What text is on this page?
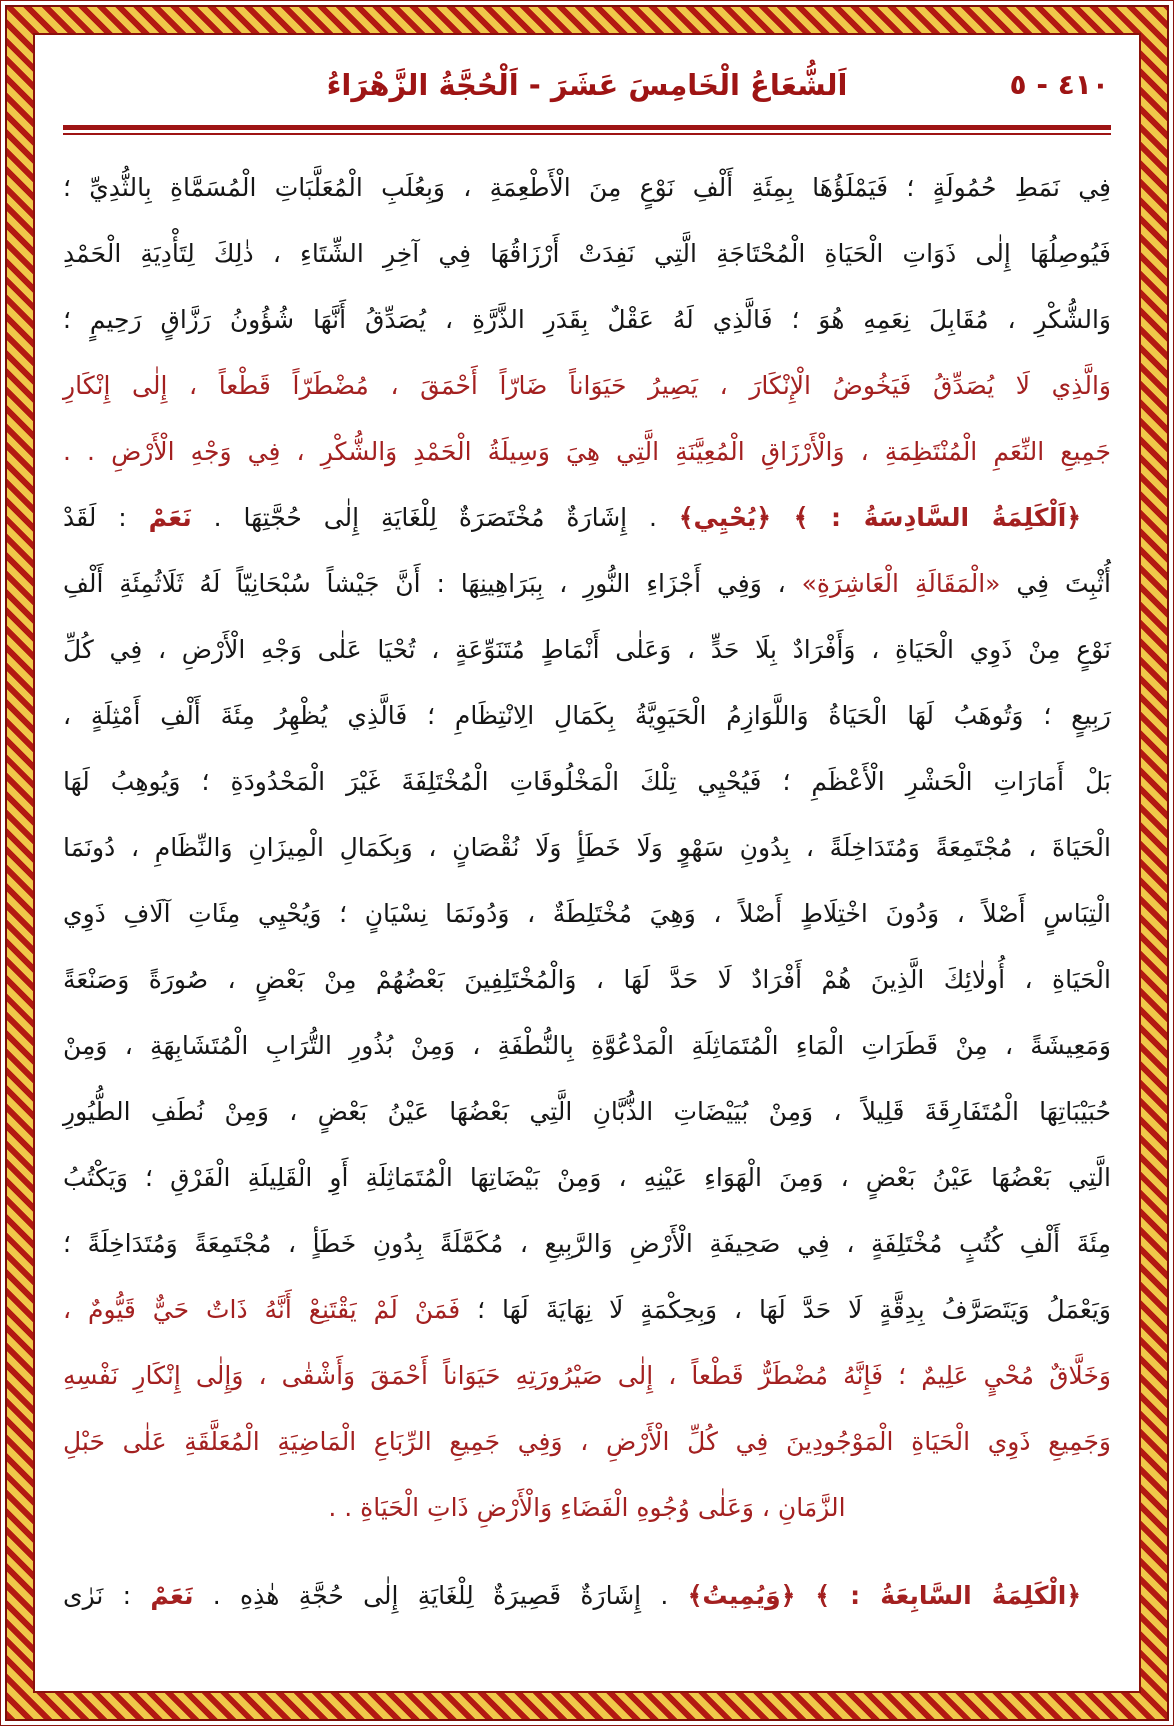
٤١٠ - ٥
اَلشُّعَاعُ الْخَامِسَ عَشَرَ - اَلْحُجَّةُ الزَّهْرَاءُ
فِي نَمَطِ حُمُولَةٍ ؛ فَيَمْلَؤُهَا بِمِئَةِ أَلْفِ نَوْعٍ مِنَ الْأَطْعِمَةِ ، وَبِعُلَبِ الْمُعَلَّبَاتِ الْمُسَمَّاةِ بِالثُّدِيِّ ؛
فَيُوصِلُهَا إِلٰى ذَوَاتِ الْحَيَاةِ الْمُحْتَاجَةِ الَّتِي نَفِدَتْ أَرْزَاقُهَا فِي آخِرِ الشِّتَاءِ ، ذٰلِكَ لِتَأْدِيَةِ الْحَمْدِ
وَالشُّكْرِ ، مُقَابِلَ نِعَمِهِ هُوَ ؛ فَالَّذِي لَهُ عَقْلٌ بِقَدَرِ الذَّرَّةِ ، يُصَدِّقُ أَنَّهَا شُؤُونُ رَزَّاقٍ رَحِيمٍ ؛
وَالَّذِي لَا يُصَدِّقُ فَيَخُوضُ الْإِنْكَارَ ، يَصِيرُ حَيَوَاناً ضَارّاً أَحْمَقَ ، مُضْطَرّاً قَطْعاً ، إِلٰى إِنْكَارِ
جَمِيعِ النِّعَمِ الْمُنْتَظِمَةِ ، وَالْأَرْزَاقِ الْمُعِيَّنَةِ الَّتِي هِيَ وَسِيلَةُ الْحَمْدِ وَالشُّكْرِ ، فِي وَجْهِ الْأَرْضِ . .
﴿اَلْكَلِمَةُ السَّادِسَةُ : ﴾ ﴿يُحْيِي﴾ . إِشَارَةٌ مُخْتَصَرَةٌ لِلْغَايَةِ إِلٰى حُجَّتِهَا . نَعَمْ : لَقَدْ
أُثْبِتَ فِي «الْمَقَالَةِ الْعَاشِرَةِ» ، وَفِي أَجْزَاءِ النُّورِ ، بِبَرَاهِينِهَا : أَنَّ جَيْشاً سُبْحَانِيّاً لَهُ ثَلَاثُمِئَةِ أَلْفِ
نَوْعٍ مِنْ ذَوِي الْحَيَاةِ ، وَأَفْرَادٌ بِلَا حَدٍّ ، وَعَلٰى أَنْمَاطٍ مُتَنَوِّعَةٍ ، تُحْيَا عَلٰى وَجْهِ الْأَرْضِ ، فِي كُلِّ
رَبِيعٍ ؛ وَتُوهَبُ لَهَا الْحَيَاةُ وَاللَّوَازِمُ الْحَيَوِيَّةُ بِكَمَالِ الِانْتِظَامِ ؛ فَالَّذِي يُظْهِرُ مِئَةَ أَلْفِ أَمْثِلَةٍ ،
بَلْ أَمَارَاتِ الْحَشْرِ الْأَعْظَمِ ؛ فَيُحْيِي تِلْكَ الْمَخْلُوقَاتِ الْمُخْتَلِفَةَ غَيْرَ الْمَحْدُودَةِ ؛ وَيُوهِبُ لَهَا
الْحَيَاةَ ، مُجْتَمِعَةً وَمُتَدَاخِلَةً ، بِدُونِ سَهْوٍ وَلَا خَطَأٍ وَلَا نُقْصَانٍ ، وَبِكَمَالِ الْمِيزَانِ وَالنِّظَامِ ، دُونَمَا
الْتِبَاسٍ أَصْلاً ، وَدُونَ اخْتِلَاطٍ أَصْلاً ، وَهِيَ مُخْتَلِطَةٌ ، وَدُونَمَا نِسْيَانٍ ؛ وَيُحْيِي مِئَاتِ آلَافِ ذَوِي
الْحَيَاةِ ، أُولٰائِكَ الَّذِينَ هُمْ أَفْرَادٌ لَا حَدَّ لَهَا ، وَالْمُخْتَلِفِينَ بَعْضُهُمْ مِنْ بَعْضٍ ، صُورَةً وَصَنْعَةً
وَمَعِيشَةً ، مِنْ قَطَرَاتِ الْمَاءِ الْمُتَمَاثِلَةِ الْمَدْعُوَّةِ بِالنُّطْفَةِ ، وَمِنْ بُذُورِ التُّرَابِ الْمُتَشَابِهَةِ ، وَمِنْ
حُبَيْبَاتِهَا الْمُتَفَارِقَةَ قَلِيلاً ، وَمِنْ بُيَيْضَاتِ الذُّبَّانِ الَّتِي بَعْضُهَا عَيْنُ بَعْضٍ ، وَمِنْ نُطَفِ الطُّيُورِ
الَّتِي بَعْضُهَا عَيْنُ بَعْضٍ ، وَمِنَ الْهَوَاءِ عَيْنِهِ ، وَمِنْ بَيْضَاتِهَا الْمُتَمَاثِلَةِ أَوِ الْقَلِيلَةِ الْفَرْقِ ؛ وَيَكْتُبُ
مِئَةَ أَلْفِ كُتُبٍ مُخْتَلِفَةٍ ، فِي صَحِيفَةِ الْأَرْضِ وَالرَّبِيعِ ، مُكَمَّلَةً بِدُونِ خَطَأٍ ، مُجْتَمِعَةً وَمُتَدَاخِلَةً ؛
وَيَعْمَلُ وَيَتَصَرَّفُ بِدِقَّةٍ لَا حَدَّ لَهَا ، وَبِحِكْمَةٍ لَا نِهَايَةَ لَهَا ؛ فَمَنْ لَمْ يَقْتَنِعْ أَنَّهُ ذَاتٌ حَيٌّ قَيُّومٌ ،
وَخَلَّاقٌ مُحْيٍ عَلِيمٌ ؛ فَإِنَّهُ مُضْطَرٌّ قَطْعاً ، إِلٰى صَيْرُورَتِهِ حَيَوَاناً أَحْمَقَ وَأَشْقٰى ، وَإِلٰى إِنْكَارِ نَفْسِهِ
وَجَمِيعِ ذَوِي الْحَيَاةِ الْمَوْجُودِينَ فِي كُلِّ الْأَرْضِ ، وَفِي جَمِيعِ الرِّبَاعِ الْمَاضِيَةِ الْمُعَلَّقَةِ عَلٰى حَبْلِ
الزَّمَانِ ، وَعَلٰى وُجُوهِ الْفَضَاءِ وَالْأَرْضِ ذَاتِ الْحَيَاةِ . .
﴿الْكَلِمَةُ السَّابِعَةُ : ﴾ ﴿وَيُمِيتُ﴾ . إِشَارَةٌ قَصِيرَةٌ لِلْغَايَةِ إِلٰى حُجَّةِ هٰذِهِ . نَعَمْ : نَرٰى
